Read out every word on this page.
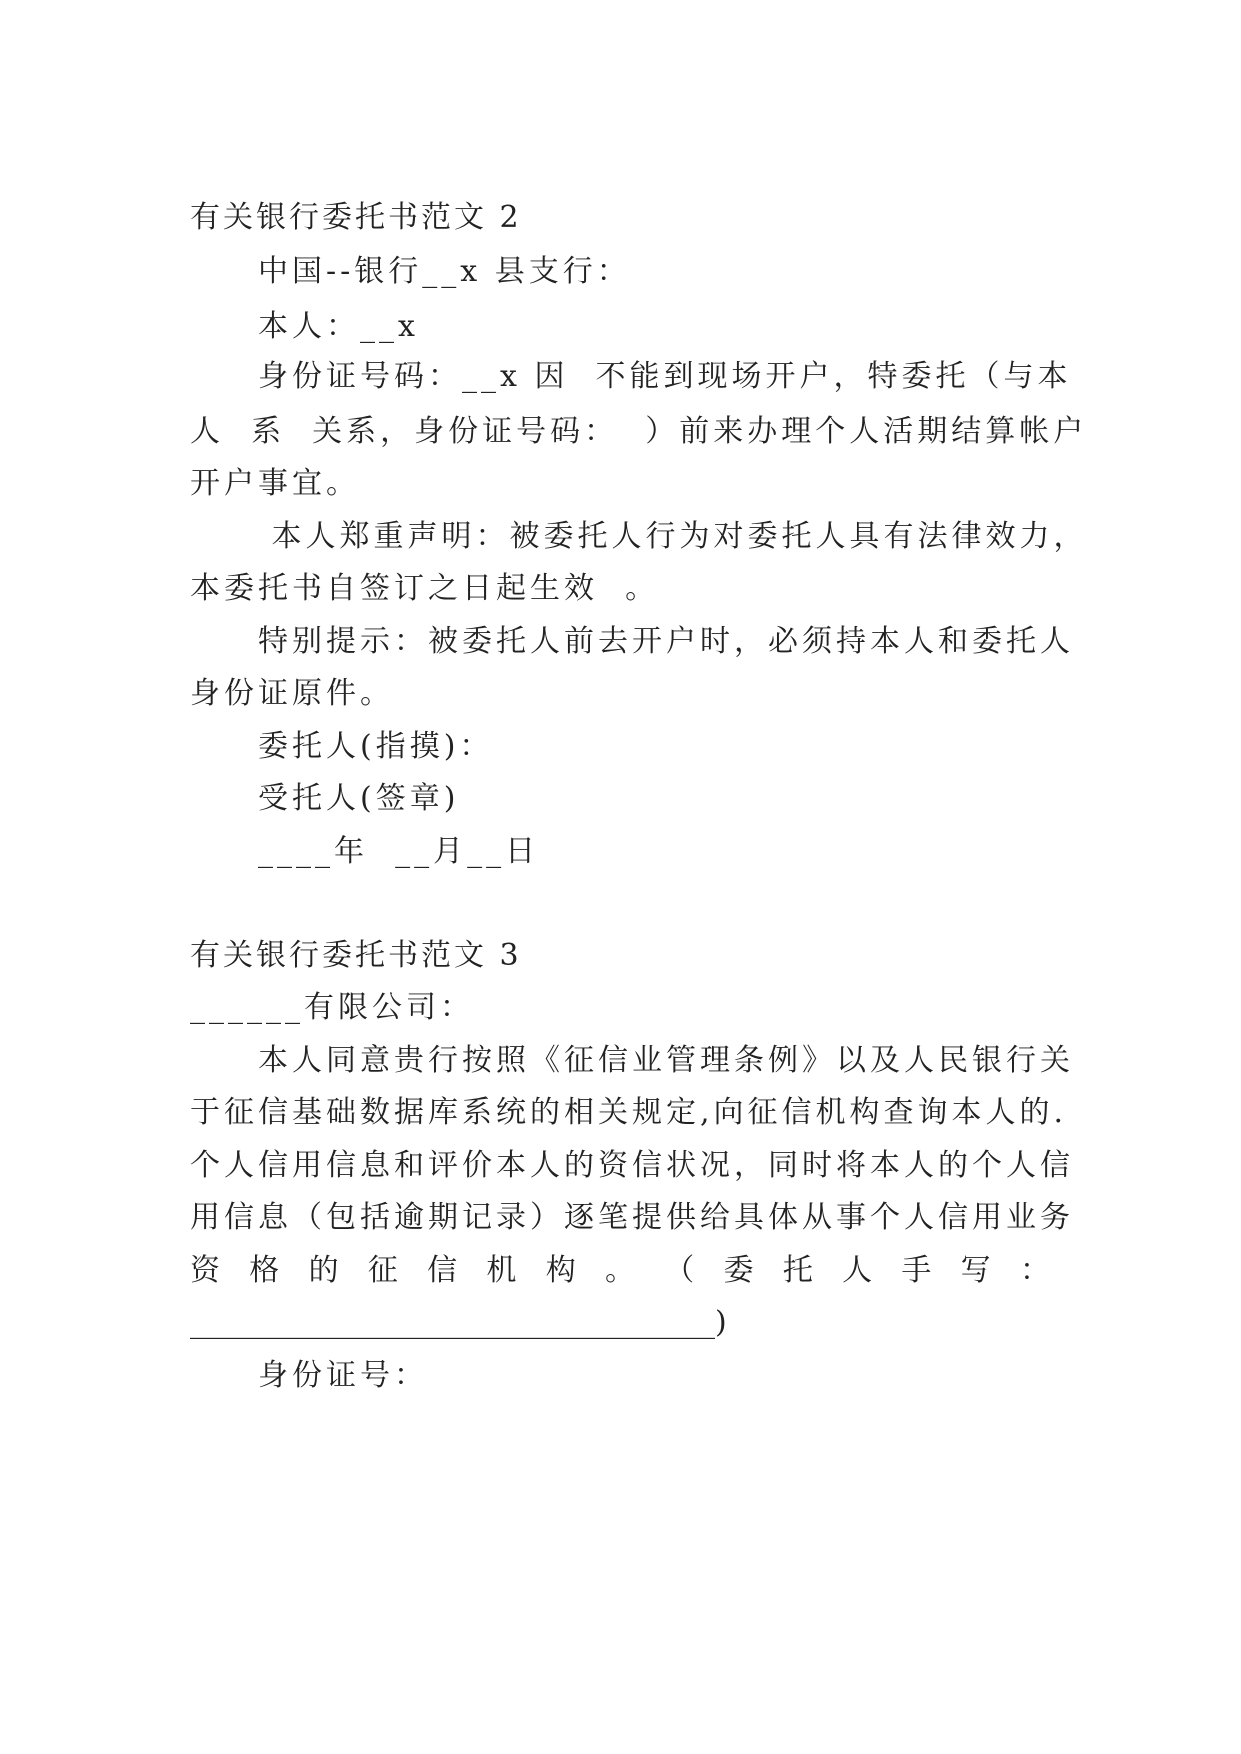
有关银行委托书范文 2
中国--银行__x 县支行：
本人：__x
身份证号码：__x 因  不能到现场开户，特委托（与本
人  系  关系，身份证号码：  ）前来办理个人活期结算帐户
开户事宜。
本人郑重声明：被委托人行为对委托人具有法律效力，
本委托书自签订之日起生效  。
特别提示：被委托人前去开户时，必须持本人和委托人
身份证原件。
委托人(指摸)：
受托人(签章)
____年  __月__日
有关银行委托书范文 3
______有限公司：
本人同意贵行按照《征信业管理条例》以及人民银行关
于征信基础数据库系统的相关规定,向征信机构查询本人的.
个人信用信息和评价本人的资信状况，同时将本人的个人信
用信息（包括逾期记录）逐笔提供给具体从事个人信用业务
资 格 的 征 信 机 构 。 （ 委 托 人 手 写 ：
___________________________________)
身份证号：
